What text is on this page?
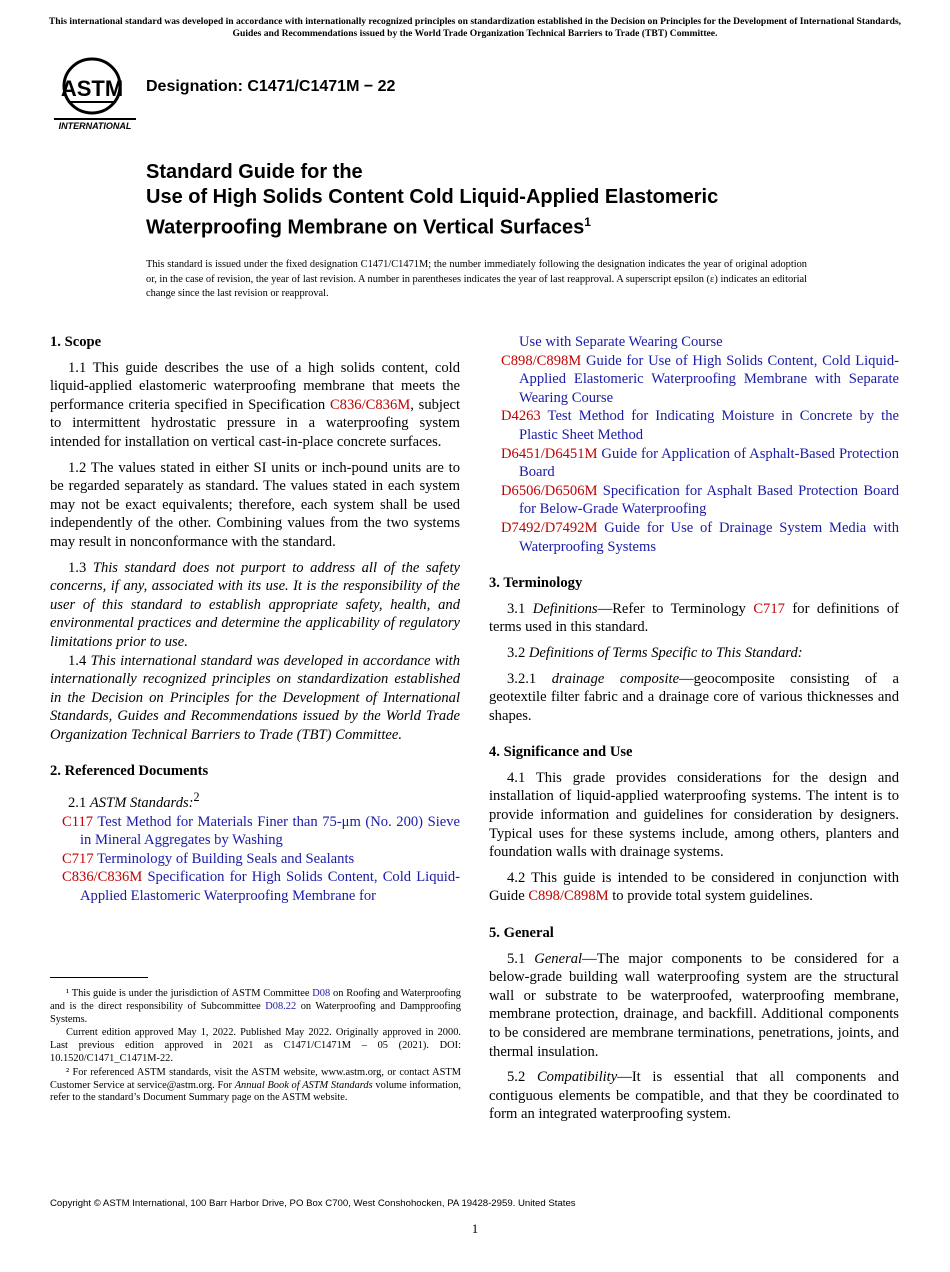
This international standard was developed in accordance with internationally recognized principles on standardization established in the Decision on Principles for the Development of International Standards, Guides and Recommendations issued by the World Trade Organization Technical Barriers to Trade (TBT) Committee.
ASTM
INTERNATIONAL
Designation: C1471/C1471M − 22
Standard Guide for the
Use of High Solids Content Cold Liquid-Applied Elastomeric
Waterproofing Membrane on Vertical Surfaces$^1$
This standard is issued under the fixed designation C1471/C1471M; the number immediately following the designation indicates the year of original adoption or, in the case of revision, the year of last revision. A number in parentheses indicates the year of last reapproval. A superscript epsilon (ε) indicates an editorial change since the last revision or reapproval.
1. Scope

1.1 This guide describes the use of a high solids content, cold liquid-applied elastomeric waterproofing membrane that meets the performance criteria specified in Specification C836/C836M, subject to intermittent hydrostatic pressure in a waterproofing system intended for installation on vertical cast-in-place concrete surfaces.

1.2 The values stated in either SI units or inch-pound units are to be regarded separately as standard. The values stated in each system may not be exact equivalents; therefore, each system shall be used independently of the other. Combining values from the two systems may result in nonconformance with the standard.

1.3 This standard does not purport to address all of the safety concerns, if any, associated with its use. It is the responsibility of the user of this standard to establish appropriate safety, health, and environmental practices and determine the applicability of regulatory limitations prior to use.

1.4 This international standard was developed in accordance with internationally recognized principles on standardization established in the Decision on Principles for the Development of International Standards, Guides and Recommendations issued by the World Trade Organization Technical Barriers to Trade (TBT) Committee.

2. Referenced Documents

2.1 ASTM Standards:$^2$

C117 Test Method for Materials Finer than 75-μm (No. 200) Sieve in Mineral Aggregates by Washing
C717 Terminology of Building Seals and Sealants
C836/C836M Specification for High Solids Content, Cold Liquid-Applied Elastomeric Waterproofing Membrane for

¹ This guide is under the jurisdiction of ASTM Committee D08 on Roofing and Waterproofing and is the direct responsibility of Subcommittee D08.22 on Waterproofing and Dampproofing Systems.

Current edition approved May 1, 2022. Published May 2022. Originally approved in 2000. Last previous edition approved in 2021 as C1471/C1471M – 05 (2021). DOI: 10.1520/C1471_C1471M-22.

² For referenced ASTM standards, visit the ASTM website, www.astm.org, or contact ASTM Customer Service at service@astm.org. For Annual Book of ASTM Standards volume information, refer to the standard’s Document Summary page on the ASTM website.

Use with Separate Wearing Course
C898/C898M Guide for Use of High Solids Content, Cold Liquid-Applied Elastomeric Waterproofing Membrane with Separate Wearing Course
D4263 Test Method for Indicating Moisture in Concrete by the Plastic Sheet Method
D6451/D6451M Guide for Application of Asphalt-Based Protection Board
D6506/D6506M Specification for Asphalt Based Protection Board for Below-Grade Waterproofing
D7492/D7492M Guide for Use of Drainage System Media with Waterproofing Systems
3. Terminology

3.1 Definitions—Refer to Terminology C717 for definitions of terms used in this standard.

3.2 Definitions of Terms Specific to This Standard:

3.2.1 drainage composite—geocomposite consisting of a geotextile filter fabric and a drainage core of various thicknesses and shapes.

4. Significance and Use

4.1 This grade provides considerations for the design and installation of liquid-applied waterproofing systems. The intent is to provide information and guidelines for consideration by designers. Typical uses for these systems include, among others, planters and foundation walls with drainage systems.

4.2 This guide is intended to be considered in conjunction with Guide C898/C898M to provide total system guidelines.

5. General

5.1 General—The major components to be considered for a below-grade building wall waterproofing system are the structural wall or substrate to be waterproofed, waterproofing membrane, membrane protection, drainage, and backfill. Additional components to be considered are membrane terminations, penetrations, joints, and thermal insulation.

5.2 Compatibility—It is essential that all components and contiguous elements be compatible, and that they be coordinated to form an integrated waterproofing system.

Copyright © ASTM International, 100 Barr Harbor Drive, PO Box C700, West Conshohocken, PA 19428-2959. United States
1
